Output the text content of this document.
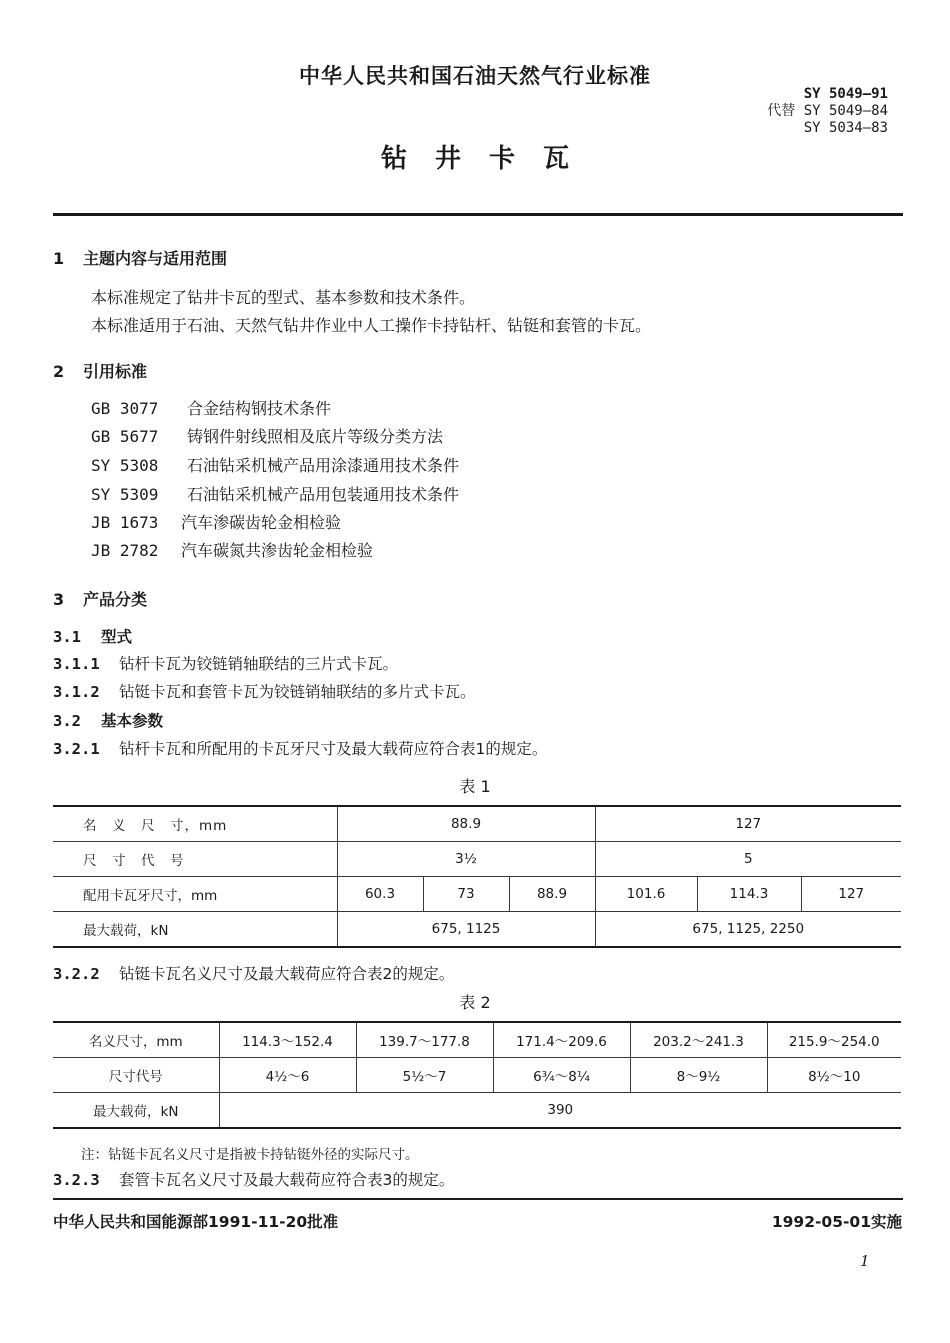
中华人民共和国石油天然气行业标准
SY 5049—91
代替 SY 5049—84
SY 5034—83
钻井卡瓦
1 主题内容与适用范围
本标准规定了钻井卡瓦的型式、基本参数和技术条件。
本标准适用于石油、天然气钻井作业中人工操作卡持钻杆、钻铤和套管的卡瓦。
2 引用标准
GB 3077 合金结构钢技术条件
GB 5677 铸钢件射线照相及底片等级分类方法
SY 5308 石油钻采机械产品用涂漆通用技术条件
SY 5309 石油钻采机械产品用包装通用技术条件
JB 1673 汽车渗碳齿轮金相检验
JB 2782 汽车碳氮共渗齿轮金相检验
3 产品分类
3.1 型式
3.1.1 钻杆卡瓦为铰链销轴联结的三片式卡瓦。
3.1.2 钻铤卡瓦和套管卡瓦为铰链销轴联结的多片式卡瓦。
3.2 基本参数
3.2.1 钻杆卡瓦和所配用的卡瓦牙尺寸及最大载荷应符合表1的规定。
表 1
名　义　尺　寸，mm	88.9			127		
尺　寸　代　号	3½			5		
配用卡瓦牙尺寸，mm	60.3	73	88.9	101.6	114.3	127
最大载荷，kN	675, 1125			675, 1125, 2250		
3.2.2 钻铤卡瓦名义尺寸及最大载荷应符合表2的规定。
表 2
名义尺寸，mm	114.3～152.4	139.7～177.8	171.4～209.6	203.2～241.3	215.9～254.0
尺寸代号	4½～6	5½～7	6¾～8¼	8～9½	8½～10
最大载荷，kN	390				
注：钻铤卡瓦名义尺寸是指被卡持钻铤外径的实际尺寸。
3.2.3 套管卡瓦名义尺寸及最大载荷应符合表3的规定。
中华人民共和国能源部1991-11-20批准	1992-05-01实施
1
